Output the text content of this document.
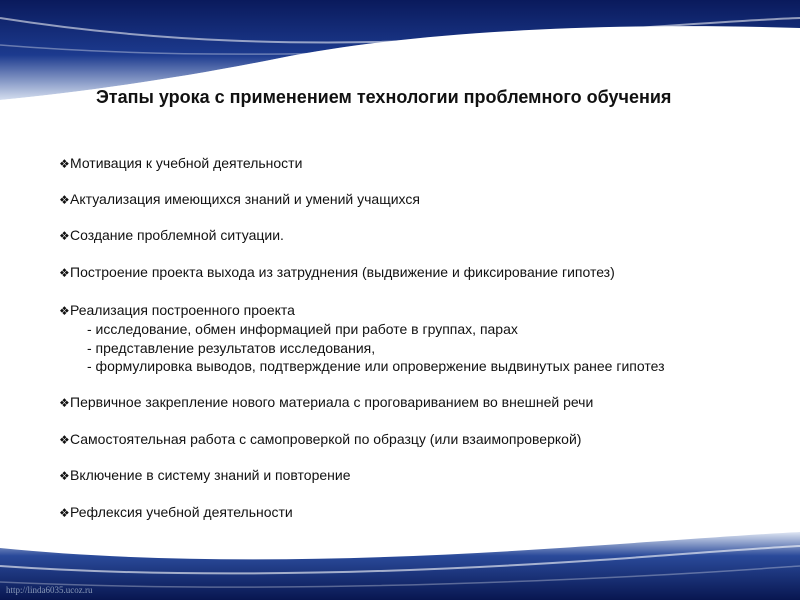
Этапы урока с применением технологии проблемного обучения
❖Мотивация к учебной деятельности
❖Актуализация имеющихся знаний и умений учащихся
❖Создание проблемной ситуации.
❖Построение проекта выхода из затруднения (выдвижение и фиксирование гипотез)
❖Реализация построенного проекта
- исследование, обмен информацией при работе в группах, парах
- представление результатов исследования,
- формулировка выводов, подтверждение или опровержение выдвинутых ранее гипотез
❖Первичное закрепление нового материала с проговариванием во внешней речи
❖Самостоятельная работа с самопроверкой по образцу (или взаимопроверкой)
❖Включение в систему знаний и повторение
❖Рефлексия учебной деятельности
http://linda6035.ucoz.ru
